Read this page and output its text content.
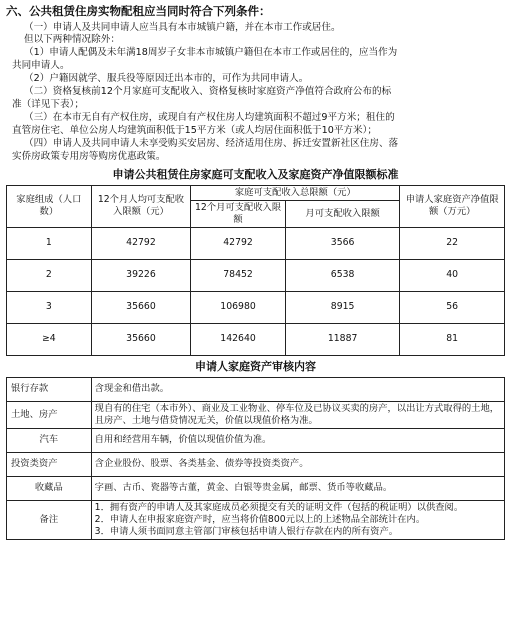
六、公共租赁住房实物配租应当同时符合下列条件：

（一）申请人及共同申请人应当具有本市城镇户籍，并在本市工作或居住。

但以下两种情况除外：

（1）申请人配偶及未年满18周岁子女非本市城镇户籍但在本市工作或居住的，应当作为

共同申请人。

（2）户籍因就学、服兵役等原因迁出本市的，可作为共同申请人。

（二）资格复核前12个月家庭可支配收入、资格复核时家庭资产净值符合政府公布的标

准（详见下表）；

（三）在本市无自有产权住房，或现自有产权住房人均建筑面积不超过9平方米；租住的

直管房住宅、单位公房人均建筑面积低于15平方米（或人均居住面积低于10平方米）；

（四）申请人及共同申请人未享受购买安居房、经济适用住房、拆迁安置新社区住房、落

实侨房政策专用房等购房优惠政策。

申请公共租赁住房家庭可支配收入及家庭资产净值限额标准
家庭组成（人口数）	12个月人均可支配收入限额（元）	家庭可支配收入总限额（元）		申请人家庭资产净值限额（万元）
		12个月可支配收入限额	月可支配收入限额	
1	42792	42792	3566	22
2	39226	78452	6538	40
3	35660	106980	8915	56
≥4	35660	142640	11887	81
申请人家庭资产审核内容
银行存款	含现金和借出款。
土地、房产	现自有的住宅（本市外）、商业及工业物业、停车位及已协议买卖的房产，以出让方式取得的土地，且房产、土地与借贷情况无关，价值以现值价格为准。
汽车	自用和经营用车辆，价值以现值价值为准。
投资类资产	含企业股份、股票、各类基金、债券等投资类资产。
收藏品	字画、古币、瓷器等古董，黄金、白银等贵金属，邮票、货币等收藏品。
备注	1．拥有资产的申请人及其家庭成员必须提交有关的证明文件（包括的税证明）以供查阅。
2．申请人在申报家庭资产时，应当将价值800元以上的上述物品全部统计在内。
3．申请人须书面同意主管部门审核包括申请人银行存款在内的所有资产。
